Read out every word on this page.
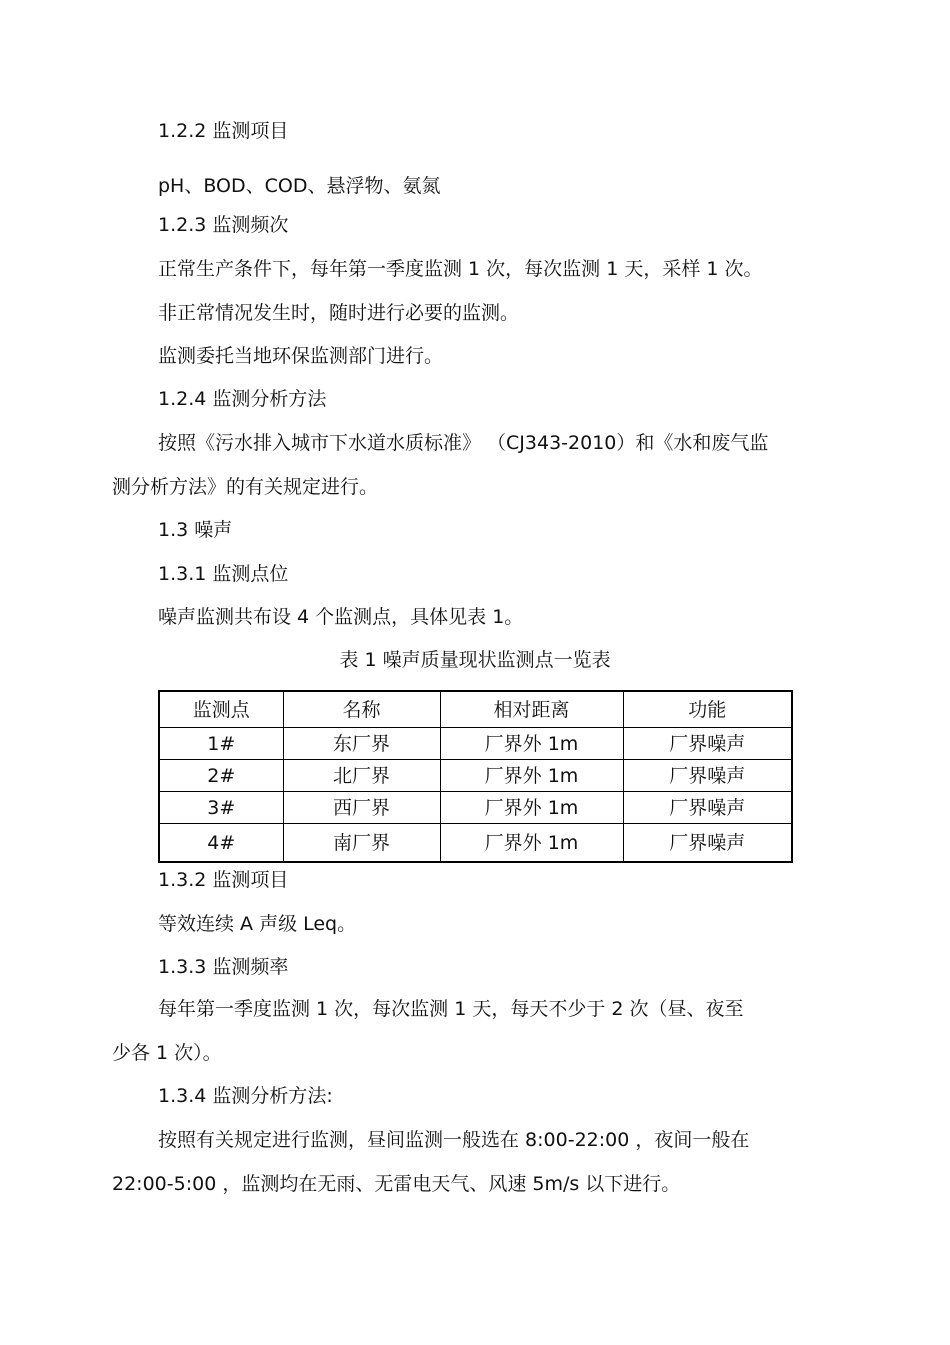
1.2.2 监测项目
pH、BOD、COD、悬浮物、氨氮
1.2.3 监测频次
正常生产条件下，每年第一季度监测 1 次，每次监测 1 天，采样 1 次。
非正常情况发生时，随时进行必要的监测。
监测委托当地环保监测部门进行。
1.2.4 监测分析方法
按照《污水排入城市下水道水质标准》 （CJ343-2010）和《水和废气监
测分析方法》的有关规定进行。
1.3 噪声
1.3.1 监测点位
噪声监测共布设 4 个监测点，具体见表 1。
表 1 噪声质量现状监测点一览表
监测点	名称	相对距离	功能
1#	东厂界	厂界外 1m	厂界噪声
2#	北厂界	厂界外 1m	厂界噪声
3#	西厂界	厂界外 1m	厂界噪声
4#	南厂界	厂界外 1m	厂界噪声
1.3.2 监测项目
等效连续 A 声级 Leq。
1.3.3 监测频率
每年第一季度监测 1 次，每次监测 1 天，每天不少于 2 次（昼、夜至
少各 1 次）。
1.3.4 监测分析方法:
按照有关规定进行监测，昼间监测一般选在 8:00-22:00 ，夜间一般在
22:00-5:00 ，监测均在无雨、无雷电天气、风速 5m/s 以下进行。
